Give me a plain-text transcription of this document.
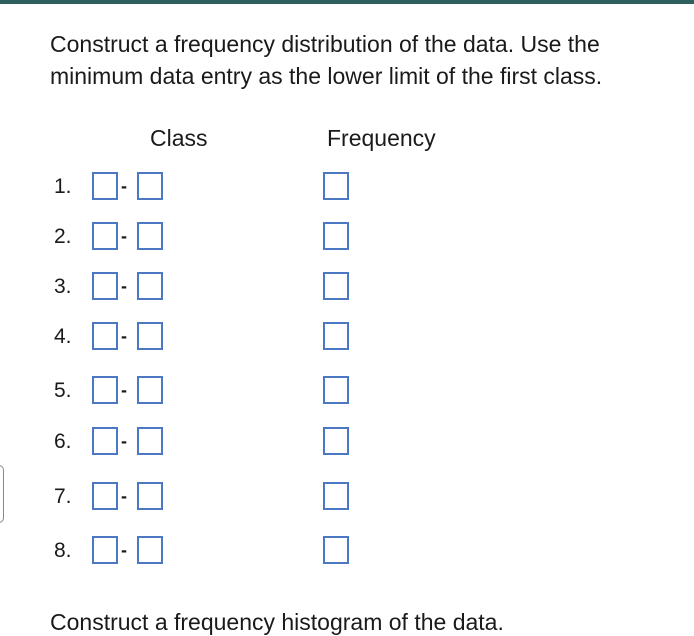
Construct a frequency distribution of the data. Use the
minimum data entry as the lower limit of the first class.

Class	Frequency
1.	-
2.	-
3.	-
4.	-
5.	-
6.	-
7.	-
8.	-
Construct a frequency histogram of the data.
